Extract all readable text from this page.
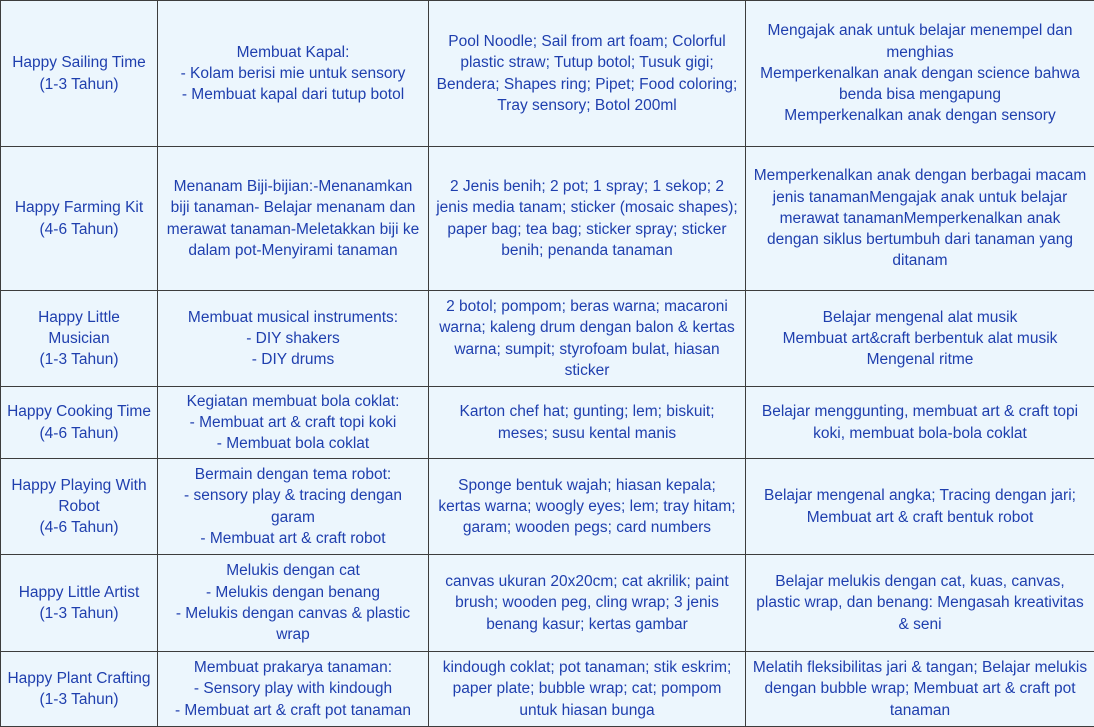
Happy Sailing Time
(1-3 Tahun)	Membuat Kapal:
- Kolam berisi mie untuk sensory
- Membuat kapal dari tutup botol	Pool Noodle; Sail from art foam; Colorful plastic straw; Tutup botol; Tusuk gigi; Bendera; Shapes ring; Pipet; Food coloring; Tray sensory; Botol 200ml	Mengajak anak untuk belajar menempel dan menghias
Memperkenalkan anak dengan science bahwa benda bisa mengapung
Memperkenalkan anak dengan sensory

Happy Farming Kit
(4-6 Tahun)	Menanam Biji-bijian:-Menanamkan biji tanaman- Belajar menanam dan merawat tanaman-Meletakkan biji ke dalam pot-Menyirami tanaman	2 Jenis benih; 2 pot; 1 spray; 1 sekop; 2 jenis media tanam; sticker (mosaic shapes); paper bag; tea bag; sticker spray; sticker benih; penanda tanaman	Memperkenalkan anak dengan berbagai macam jenis tanamanMengajak anak untuk belajar merawat tanamanMemperkenalkan anak dengan siklus bertumbuh dari tanaman yang ditanam

Happy Little Musician
(1-3 Tahun)	Membuat musical instruments:
- DIY shakers
- DIY drums	2 botol; pompom; beras warna; macaroni warna; kaleng drum dengan balon & kertas warna; sumpit; styrofoam bulat, hiasan sticker	Belajar mengenal alat musik
Membuat art&craft berbentuk alat musik
Mengenal ritme

Happy Cooking Time
(4-6 Tahun)	Kegiatan membuat bola coklat:
- Membuat art & craft topi koki
- Membuat bola coklat	Karton chef hat; gunting; lem; biskuit; meses; susu kental manis	Belajar menggunting, membuat art & craft topi koki, membuat bola-bola coklat

Happy Playing With Robot
(4-6 Tahun)	Bermain dengan tema robot:
- sensory play & tracing dengan garam
- Membuat art & craft robot	Sponge bentuk wajah; hiasan kepala; kertas warna; woogly eyes; lem; tray hitam; garam; wooden pegs; card numbers	Belajar mengenal angka; Tracing dengan jari; Membuat art & craft bentuk robot

Happy Little Artist
(1-3 Tahun)	Melukis dengan cat
- Melukis dengan benang
- Melukis dengan canvas & plastic wrap	canvas ukuran 20x20cm; cat akrilik; paint brush; wooden peg, cling wrap; 3 jenis benang kasur; kertas gambar	Belajar melukis dengan cat, kuas, canvas, plastic wrap, dan benang: Mengasah kreativitas & seni

Happy Plant Crafting
(1-3 Tahun)	Membuat prakarya tanaman:
- Sensory play with kindough
- Membuat art & craft pot tanaman	kindough coklat; pot tanaman; stik eskrim; paper plate; bubble wrap; cat; pompom untuk hiasan bunga	Melatih fleksibilitas jari & tangan; Belajar melukis dengan bubble wrap; Membuat art & craft pot tanaman
